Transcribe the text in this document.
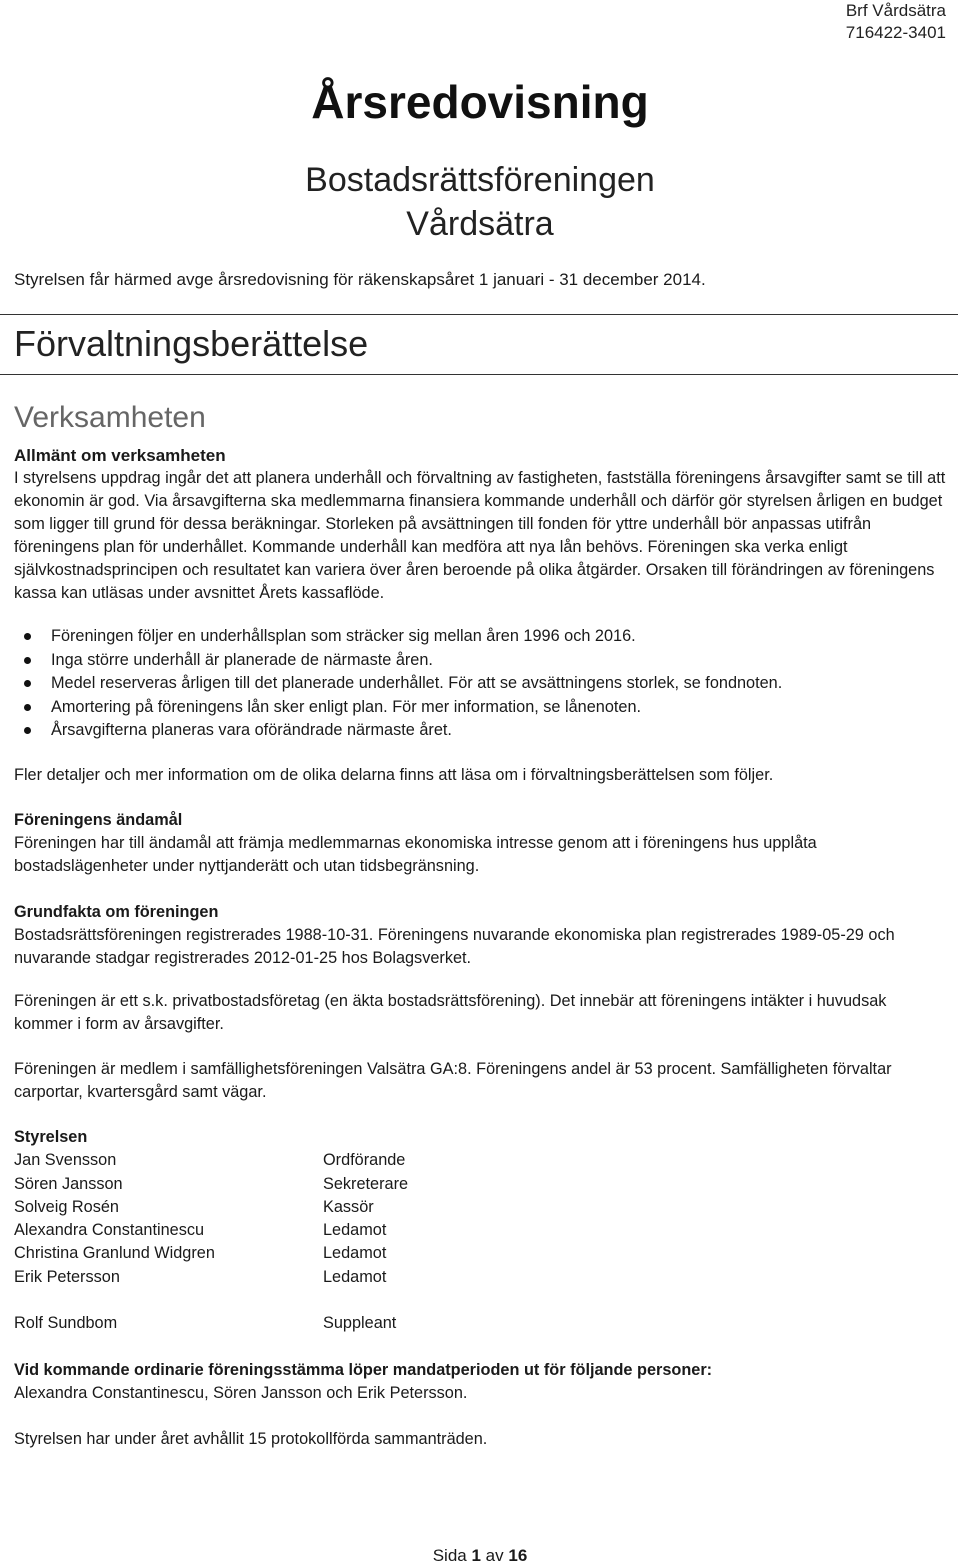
Brf Vårdsätra
716422-3401
Årsredovisning
Bostadsrättsföreningen
Vårdsätra
Styrelsen får härmed avge årsredovisning för räkenskapsåret 1 januari - 31 december 2014.
Förvaltningsberättelse
Verksamheten

Allmänt om verksamheten

I styrelsens uppdrag ingår det att planera underhåll och förvaltning av fastigheten, fastställa föreningens årsavgifter samt se till att ekonomin är god. Via årsavgifterna ska medlemmarna finansiera kommande underhåll och därför gör styrelsen årligen en budget som ligger till grund för dessa beräkningar. Storleken på avsättningen till fonden för yttre underhåll bör anpassas utifrån föreningens plan för underhållet. Kommande underhåll kan medföra att nya lån behövs. Föreningen ska verka enligt självkostnadsprincipen och resultatet kan variera över åren beroende på olika åtgärder. Orsaken till förändringen av föreningens kassa kan utläsas under avsnittet Årets kassaflöde.

Föreningen följer en underhållsplan som sträcker sig mellan åren 1996 och 2016.
Inga större underhåll är planerade de närmaste åren.
Medel reserveras årligen till det planerade underhållet. För att se avsättningens storlek, se fondnoten.
Amortering på föreningens lån sker enligt plan. För mer information, se lånenoten.
Årsavgifterna planeras vara oförändrade närmaste året.
Fler detaljer och mer information om de olika delarna finns att läsa om i förvaltningsberättelsen som följer.

Föreningens ändamål

Föreningen har till ändamål att främja medlemmarnas ekonomiska intresse genom att i föreningens hus upplåta bostadslägenheter under nyttjanderätt och utan tidsbegränsning.

Grundfakta om föreningen

Bostadsrättsföreningen registrerades 1988-10-31. Föreningens nuvarande ekonomiska plan registrerades 1989-05-29 och nuvarande stadgar registrerades 2012-01-25 hos Bolagsverket.

Föreningen är ett s.k. privatbostadsföretag (en äkta bostadsrättsförening). Det innebär att föreningens intäkter i huvudsak kommer i form av årsavgifter.
Föreningen är medlem i samfällighetsföreningen Valsätra GA:8. Föreningens andel är 53 procent. Samfälligheten förvaltar carportar, kvartersgård samt vägar.
Styrelsen
Jan Svensson	Ordförande
Sören Jansson	Sekreterare
Solveig Rosén	Kassör
Alexandra Constantinescu	Ledamot
Christina Granlund Widgren	Ledamot
Erik Petersson	Ledamot
Rolf Sundbom	Suppleant

Vid kommande ordinarie föreningsstämma löper mandatperioden ut för följande personer:

Alexandra Constantinescu, Sören Jansson och Erik Petersson.

Styrelsen har under året avhållit 15 protokollförda sammanträden.
Sida 1 av 16
